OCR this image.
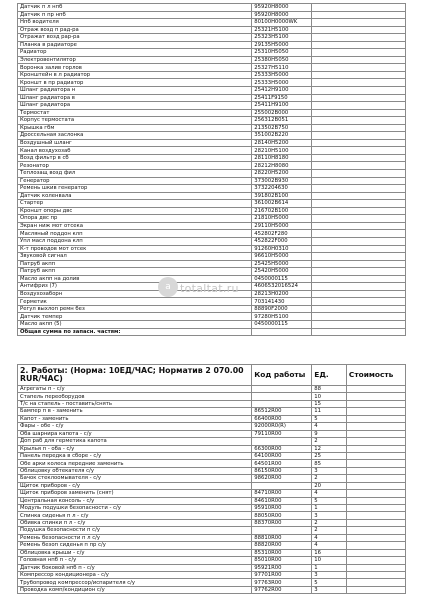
Датчик п л нпб	95920H8000	
Датчик п пр нпб	95920H8000	
Нпб водителя	80100H0000WK	
Отраж возд п рад-ра	25321H5100	
Отражат возд рар-ра	25323H5100	
Планка в радиаторе	29135H5000	
Радиатор	25310H5050	
Электровентилятор	25380H5050	
Воронка залив горлов	25327H5110	
Кронштейн в л радиатор	25333H5000	
Кроншт в пр радиатор	25333H5000	
Шланг радиатора н	25412H9100	
Шланг радиатора в	25411F9150	
Шланг радиатора	25411H9100	
Термостат	255002B000	
Корпус термостата	256312B051	
Крышка гбм	213502B750	
Дроссельная заслонка	351002B220	
Воздушный шланг	28140H5200	
Канал воздухозаб	28210H5100	
Возд фильтр в сб	28110H8180	
Резонатор	28212H8080	
Теплозащ возд фил	28220H5200	
Генератор	373002B930	
Ремень шкив генератор	3732204630	
Датчик коленвала	391802B100	
Стартер	361002B614	
Кроншт опоры двс	216702B100	
Опора двс пр	21810H5000	
Экран ниж мот отсека	29110H5000	
Масляный поддон клп	452802F280	
Упл масл поддона клп	452822F000	
К-т проводов мот отсек	91260H0310	
Звуковой сигнал	96610H5000	
Патруб акпп	25425H5000	
Патруб акпп	25420H5000	
Масло акпп на долив	0450000115	
Антифриз (7)	4606532016524	
Воздухозаборн	28213H0200	
Герметик	703141430	
Регул выхлоп ремн без	88890F2000	
Датчик темпер	97280H5100	
Масло акпп (5)	0450000115	
Общая сумма по запасн. частям:		
2. Работы: (Норма: 10ЕД/ЧАС; Норматив 2 070.00 RUR/ЧАС)	Код работы	ЕД.	Стоимость
Агрегаты п - с/у		88	
Стапель переоборудов		10	
Т/с на стапель - поставить/снять		15	
Бампер п в - заменить	86512R00	11	
Капот - заменить	66400R00	5	
Фары - обе - с/у	92000R0(R)	4	
Оба шарнира капота - с/у	79110R00	9	
Доп раб для герметика капота		2	
Крылья п - оба - с/у	66300R00	12	
Панель передка в сборе - с/у	64100R00	25	
Обе арки колеса передние заменить	64501R00	85	
Облицовку обтекателя с/у	86150R00	3	
Бачок стеклоомывателя - с/у	98620R00	2	
Щиток приборов - с/у		20	
Щиток приборов заменить (снят)	84710R00	4	
Центральная консоль - с/у	84610R00	5	
Модуль подушки безопасности - с/у	95910R00	1	
Спинка сиденья п л - с/у	88050R00	3	
Обивка спинки п л - с/у	88370R00	2	
Подушка безопасности п с/у		2	
Ремень безопасности п л с/у	88810R00	4	
Ремень безоп сиденья п пр с/у	88820R00	4	
Облицовка крыши - с/у	85310R00	16	
Головная нпб п - с/у	85010R00	10	
Датчик боковой нпб п - с/у	95921R00	1	
Компрессор кондиционера - с/у	97701R00	3	
Трубопровод компрессор/испарителя с/у	97763R00	5	
Проводка комп/кондицион с/у	97762R00	3	
a totaltat.ru
